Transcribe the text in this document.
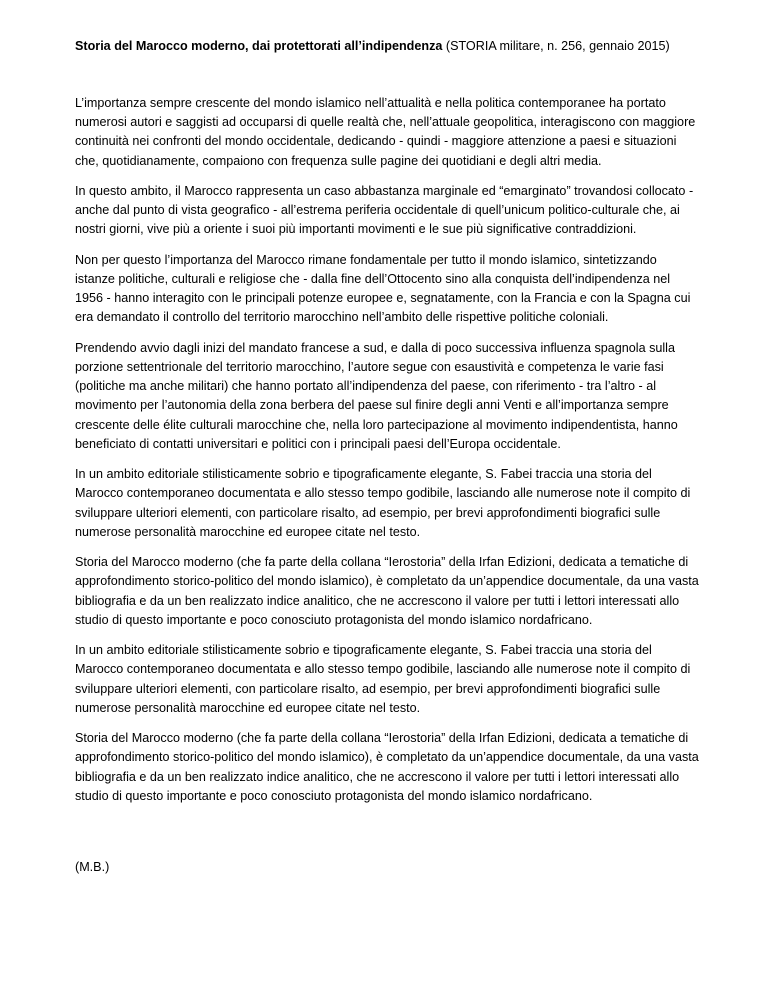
Storia del Marocco moderno, dai protettorati all’indipendenza (STORIA militare, n. 256, gennaio 2015)

L’importanza sempre crescente del mondo islamico nell’attualità e nella politica contemporanee ha portato numerosi autori e saggisti ad occuparsi di quelle realtà che, nell’attuale geopolitica, interagiscono con maggiore continuità nei confronti del mondo occidentale, dedicando - quindi - maggiore attenzione a paesi e situazioni che, quotidianamente, compaiono con frequenza sulle pagine dei quotidiani e degli altri media.

In questo ambito, il Marocco rappresenta un caso abbastanza marginale ed “emarginato” trovandosi collocato - anche dal punto di vista geografico - all’estrema periferia occidentale di quell’unicum politico-culturale che, ai nostri giorni, vive più a oriente i suoi più importanti movimenti e le sue più significative contraddizioni.

Non per questo l’importanza del Marocco rimane fondamentale per tutto il mondo islamico, sintetizzando istanze politiche, culturali e religiose che - dalla fine dell’Ottocento sino alla conquista dell’indipendenza nel 1956 - hanno interagito con le principali potenze europee e, segnatamente, con la Francia e con la Spagna cui era demandato il controllo del territorio marocchino nell’ambito delle rispettive politiche coloniali.

Prendendo avvio dagli inizi del mandato francese a sud, e dalla di poco successiva influenza spagnola sulla porzione settentrionale del territorio marocchino, l’autore segue con esaustività e competenza le varie fasi (politiche ma anche militari) che hanno portato all’indipendenza del paese, con riferimento - tra l’altro - al movimento per l’autonomia della zona berbera del paese sul finire degli anni Venti e all’importanza sempre crescente delle élite culturali marocchine che, nella loro partecipazione al movimento indipendentista, hanno beneficiato di contatti universitari e politici con i principali paesi dell’Europa occidentale.

In un ambito editoriale stilisticamente sobrio e tipograficamente elegante, S. Fabei traccia una storia del Marocco contemporaneo documentata e allo stesso tempo godibile, lasciando alle numerose note il compito di sviluppare ulteriori elementi, con particolare risalto, ad esempio, per brevi approfondimenti biografici sulle numerose personalità marocchine ed europee citate nel testo.

Storia del Marocco moderno (che fa parte della collana “Ierostoria” della Irfan Edizioni, dedicata a tematiche di approfondimento storico-politico del mondo islamico), è completato da un’appendice documentale, da una vasta bibliografia e da un ben realizzato indice analitico, che ne accrescono il valore per tutti i lettori interessati allo studio di questo importante e poco conosciuto protagonista del mondo islamico nordafricano.

In un ambito editoriale stilisticamente sobrio e tipograficamente elegante, S. Fabei traccia una storia del Marocco contemporaneo documentata e allo stesso tempo godibile, lasciando alle numerose note il compito di sviluppare ulteriori elementi, con particolare risalto, ad esempio, per brevi approfondimenti biografici sulle numerose personalità marocchine ed europee citate nel testo.

Storia del Marocco moderno (che fa parte della collana “Ierostoria” della Irfan Edizioni, dedicata a tematiche di approfondimento storico-politico del mondo islamico), è completato da un’appendice documentale, da una vasta bibliografia e da un ben realizzato indice analitico, che ne accrescono il valore per tutti i lettori interessati allo studio di questo importante e poco conosciuto protagonista del mondo islamico nordafricano.

(M.B.)
